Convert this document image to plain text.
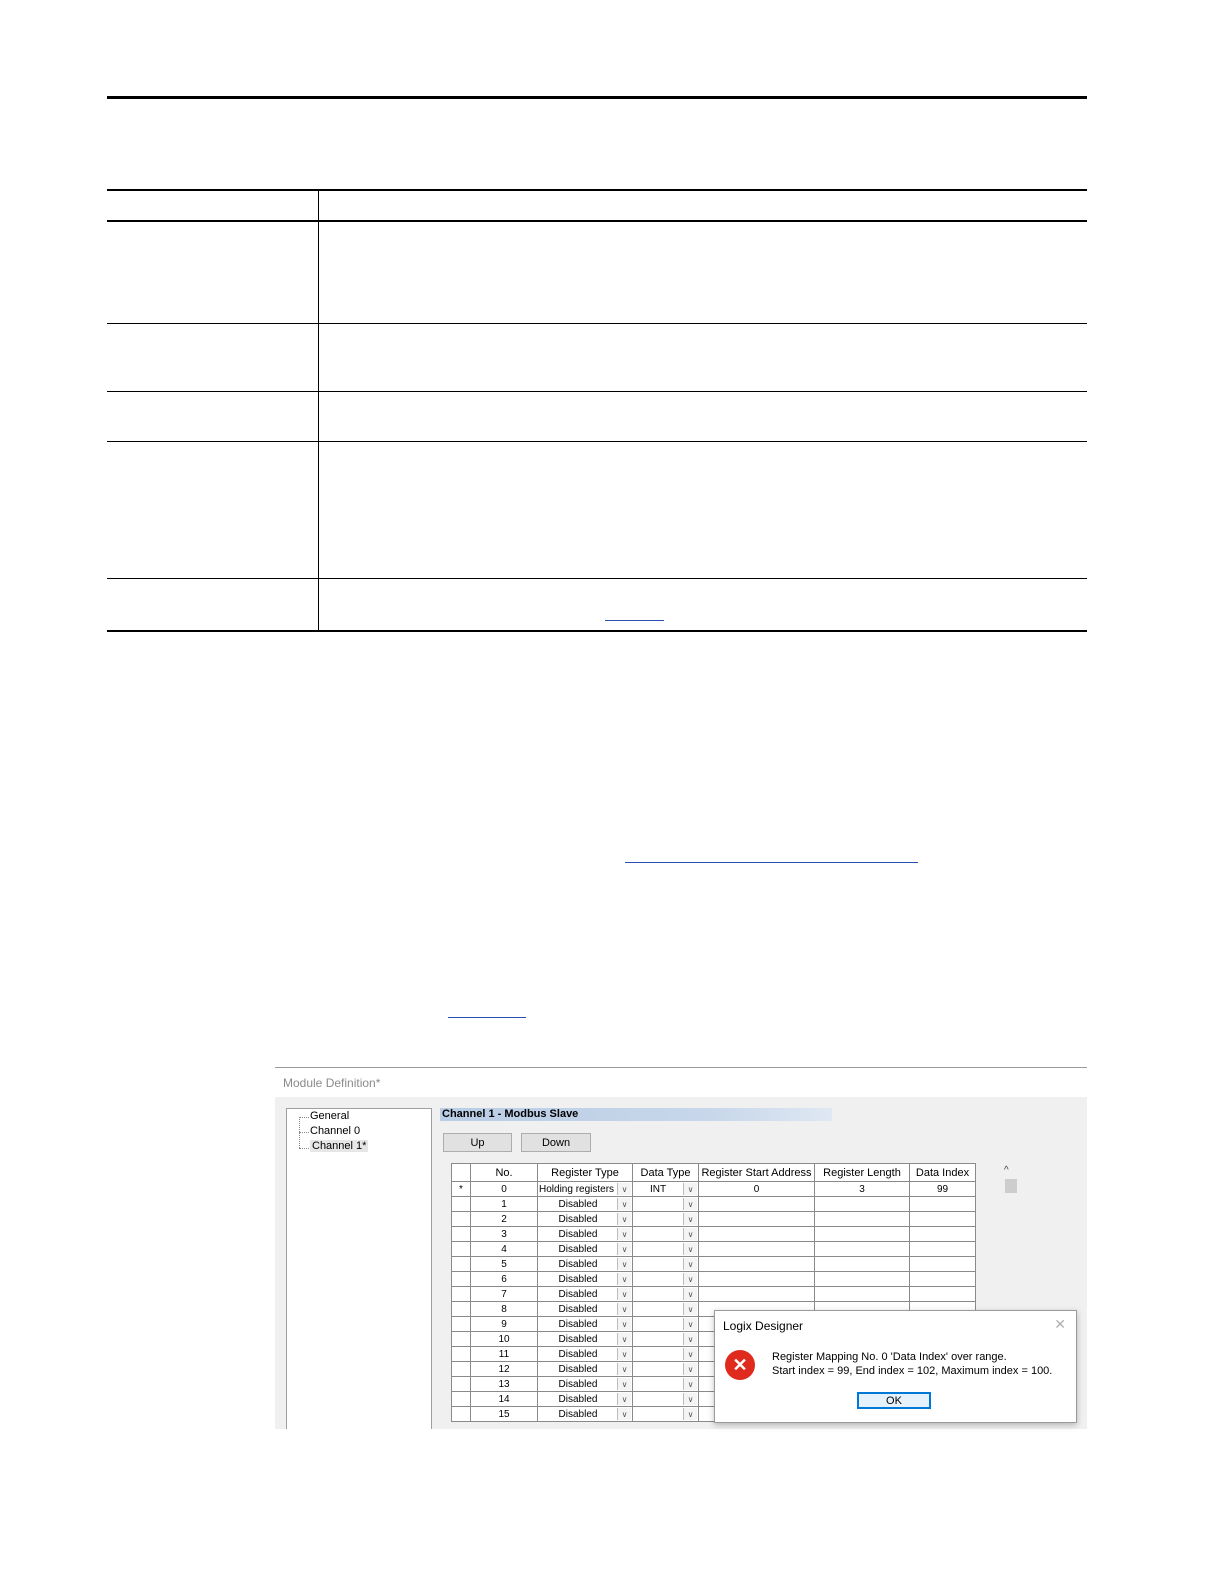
Module Definition*
General
Channel 0
Channel 1*
Channel 1 - Modbus Slave
Up	Down
	No.	Register Type	Data Type	Register Start Address	Register Length	Data Index
*	0	Holding registers ∨	INT ∨	0	3	99
	1	Disabled ∨	∨			

	2	Disabled ∨	∨			

	3	Disabled ∨	∨			

	4	Disabled ∨	∨			

	5	Disabled ∨	∨			

	6	Disabled ∨	∨			

	7	Disabled ∨	∨			

	8	Disabled ∨	∨			

	9	Disabled ∨	∨			

	10	Disabled ∨	∨			

	11	Disabled ∨	∨			

	12	Disabled ∨	∨			

	13	Disabled ∨	∨			

	14	Disabled ∨	∨			

	15	Disabled ∨	∨			

^
Logix Designer	✕
✕	Register Mapping No. 0 'Data Index' over range.
Start index = 99, End index = 102, Maximum index = 100.
OK
